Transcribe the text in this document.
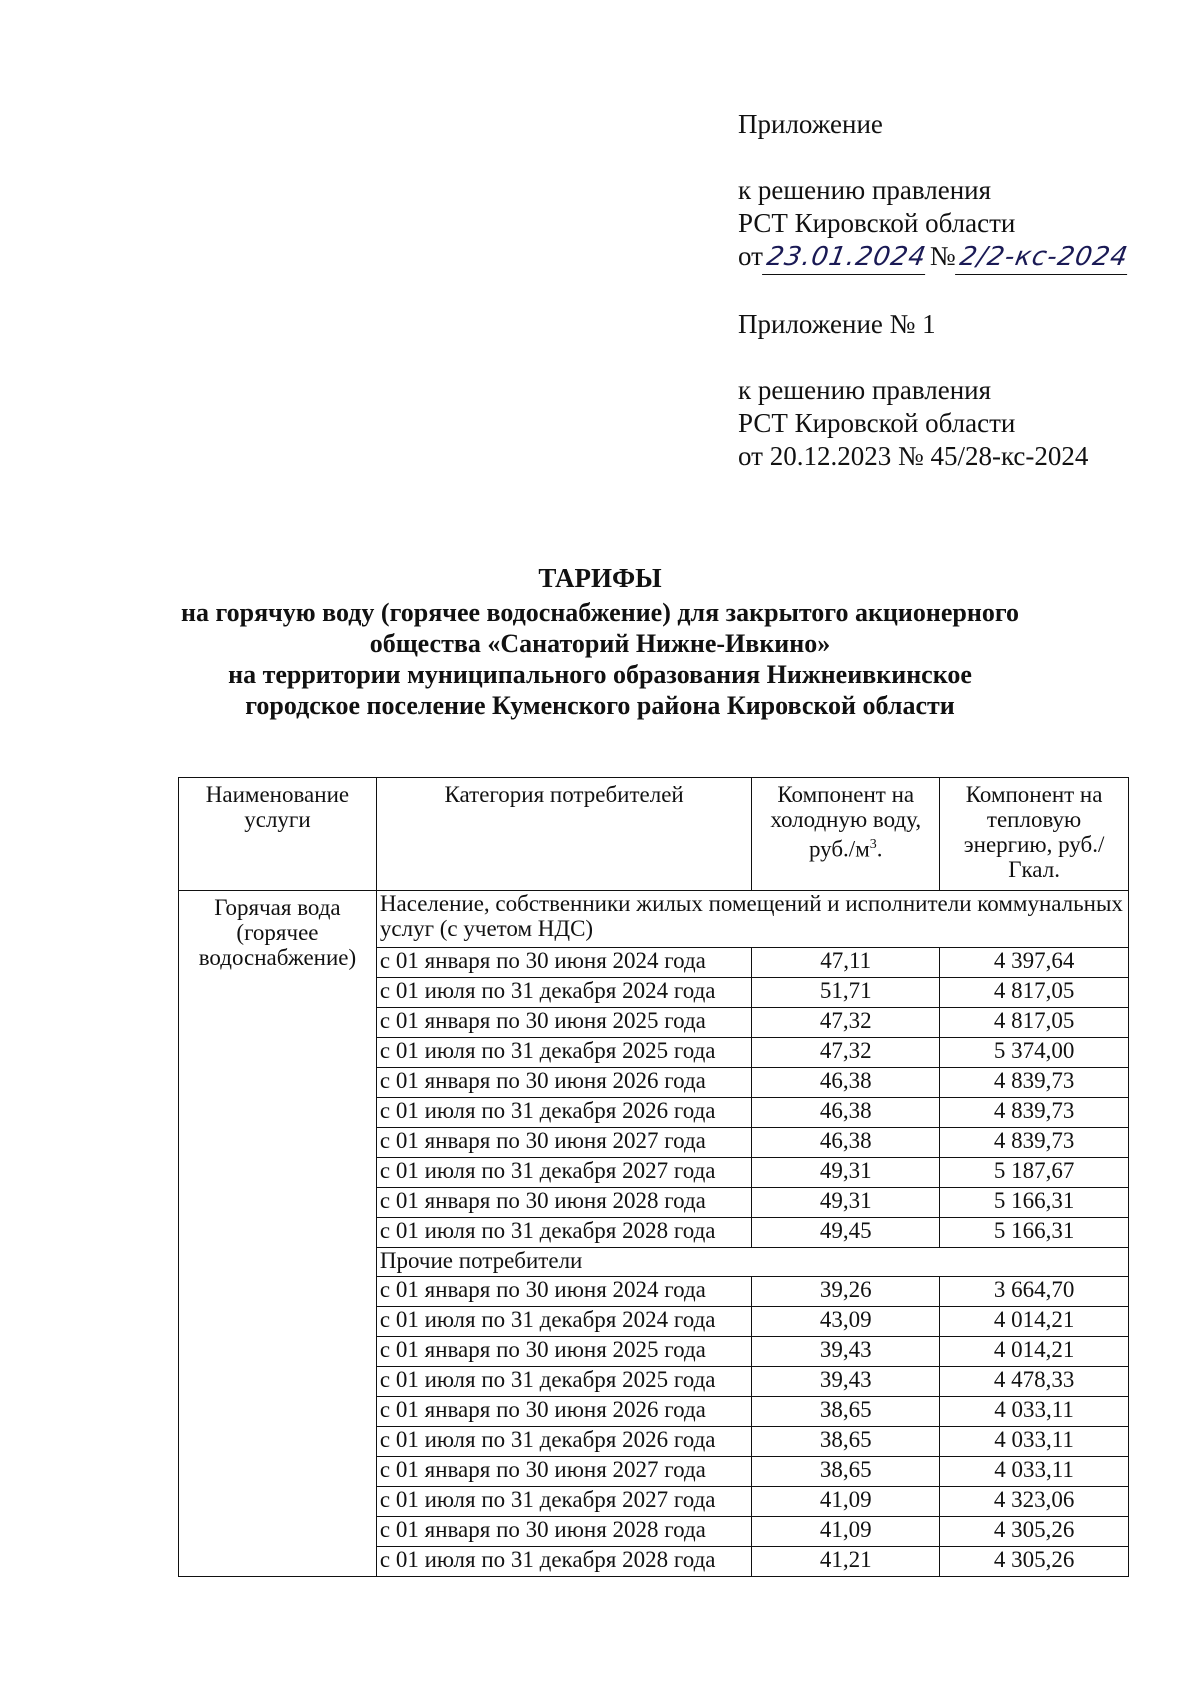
Приложение

к решению правления

РСТ Кировской области

от23.01.2024№2/2-кс-2024

Приложение № 1

к решению правления

РСТ Кировской области

от 20.12.2023 № 45/28-кс-2024

ТАРИФЫ

на горячую воду (горячее водоснабжение) для закрытого акционерного

общества «Санаторий Нижне-Ивкино»

на территории муниципального образования Нижнеивкинское

городское поселение Куменского района Кировской области

Наименование услуги	Категория потребителей	Компонент на холодную воду, $руб./м^3$.	Компонент на тепловую энергию, руб./Гкал.
Горячая вода (горячее водоснабжение)	Население, собственники жилых помещений и исполнители коммунальных услуг (с учетом НДС)		
	с 01 января по 30 июня 2024 года	47,11	4 397,64
	с 01 июля по 31 декабря 2024 года	51,71	4 817,05
	с 01 января по 30 июня 2025 года	47,32	4 817,05
	с 01 июля по 31 декабря 2025 года	47,32	5 374,00
	с 01 января по 30 июня 2026 года	46,38	4 839,73
	с 01 июля по 31 декабря 2026 года	46,38	4 839,73
	с 01 января по 30 июня 2027 года	46,38	4 839,73
	с 01 июля по 31 декабря 2027 года	49,31	5 187,67
	с 01 января по 30 июня 2028 года	49,31	5 166,31
	с 01 июля по 31 декабря 2028 года	49,45	5 166,31
	Прочие потребители		
	с 01 января по 30 июня 2024 года	39,26	3 664,70
	с 01 июля по 31 декабря 2024 года	43,09	4 014,21
	с 01 января по 30 июня 2025 года	39,43	4 014,21
	с 01 июля по 31 декабря 2025 года	39,43	4 478,33
	с 01 января по 30 июня 2026 года	38,65	4 033,11
	с 01 июля по 31 декабря 2026 года	38,65	4 033,11
	с 01 января по 30 июня 2027 года	38,65	4 033,11
	с 01 июля по 31 декабря 2027 года	41,09	4 323,06
	с 01 января по 30 июня 2028 года	41,09	4 305,26
	с 01 июля по 31 декабря 2028 года	41,21	4 305,26
